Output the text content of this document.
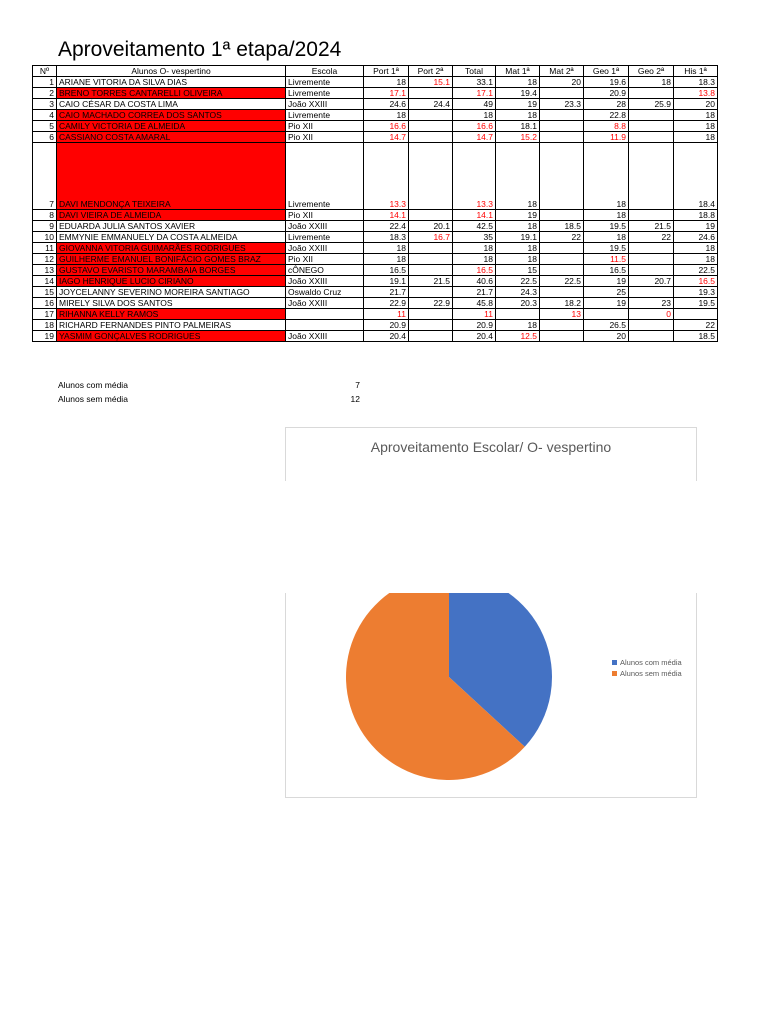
Aproveitamento 1ª etapa/2024
Nº	Alunos O- vespertino	Escola	Port 1ª	Port 2ª	Total	Mat 1ª	Mat 2ª	Geo 1ª	Geo 2ª	His 1ª
1	ARIANE VITORIA DA SILVA DIAS	Livremente	18	15.1	33.1	18	20	19.6	18	18.3
2	BRENO TORRES CANTARELLI OLIVEIRA	Livremente	17.1		17.1	19.4		20.9		13.8
3	CAIO CÉSAR DA COSTA LIMA	João XXIII	24.6	24.4	49	19	23.3	28	25.9	20
4	CAIO MACHADO CORREA DOS SANTOS	Livremente	18		18	18		22.8		18
5	CAMILY VICTORIA DE ALMEIDA	Pio XII	16.6		16.6	18.1		8.8		18
6	CASSIANO COSTA AMARAL	Pio XII	14.7		14.7	15.2		11.9		18
7	DAVI MENDONÇA TEIXEIRA	Livremente	13.3		13.3	18		18		18.4
8	DAVI VIEIRA DE ALMEIDA	Pio XII	14.1		14.1	19		18		18.8
9	EDUARDA JULIA SANTOS XAVIER	João XXIII	22.4	20.1	42.5	18	18.5	19.5	21.5	19
10	EMMYNIE EMMANUELY DA COSTA ALMEIDA	Livremente	18.3	16.7	35	19.1	22	18	22	24.6
11	GIOVANNA VITORIA GUIMARÃES RODRIGUES	João XXIII	18		18	18		19.5		18
12	GUILHERME EMANUEL BONIFÁCIO GOMES BRAZ	Pio XII	18		18	18		11.5		18
13	GUSTAVO EVARISTO MARAMBAIA BORGES	cÔNEGO	16.5		16.5	15		16.5		22.5
14	IAGO HENRIQUE LUCIO CIRIANO	João XXIII	19.1	21.5	40.6	22.5	22.5	19	20.7	16.5
15	JOYCELANNY SEVERINO MOREIRA SANTIAGO	Oswaldo Cruz	21.7		21.7	24.3		25		19.3
16	MIRELY SILVA DOS SANTOS	João XXIII	22.9	22.9	45.8	20.3	18.2	19	23	19.5
17	RIHANNA KELLY RAMOS		11		11		13		0	
18	RICHARD FERNANDES PINTO PALMEIRAS		20.9		20.9	18		26.5		22
19	YASMIM GONÇALVES RODRIGUES	João XXIII	20.4		20.4	12.5		20		18.5
Alunos com média	7
Alunos sem média	12
Aproveitamento Escolar/ O- vespertino
Alunos com média
Alunos sem média
